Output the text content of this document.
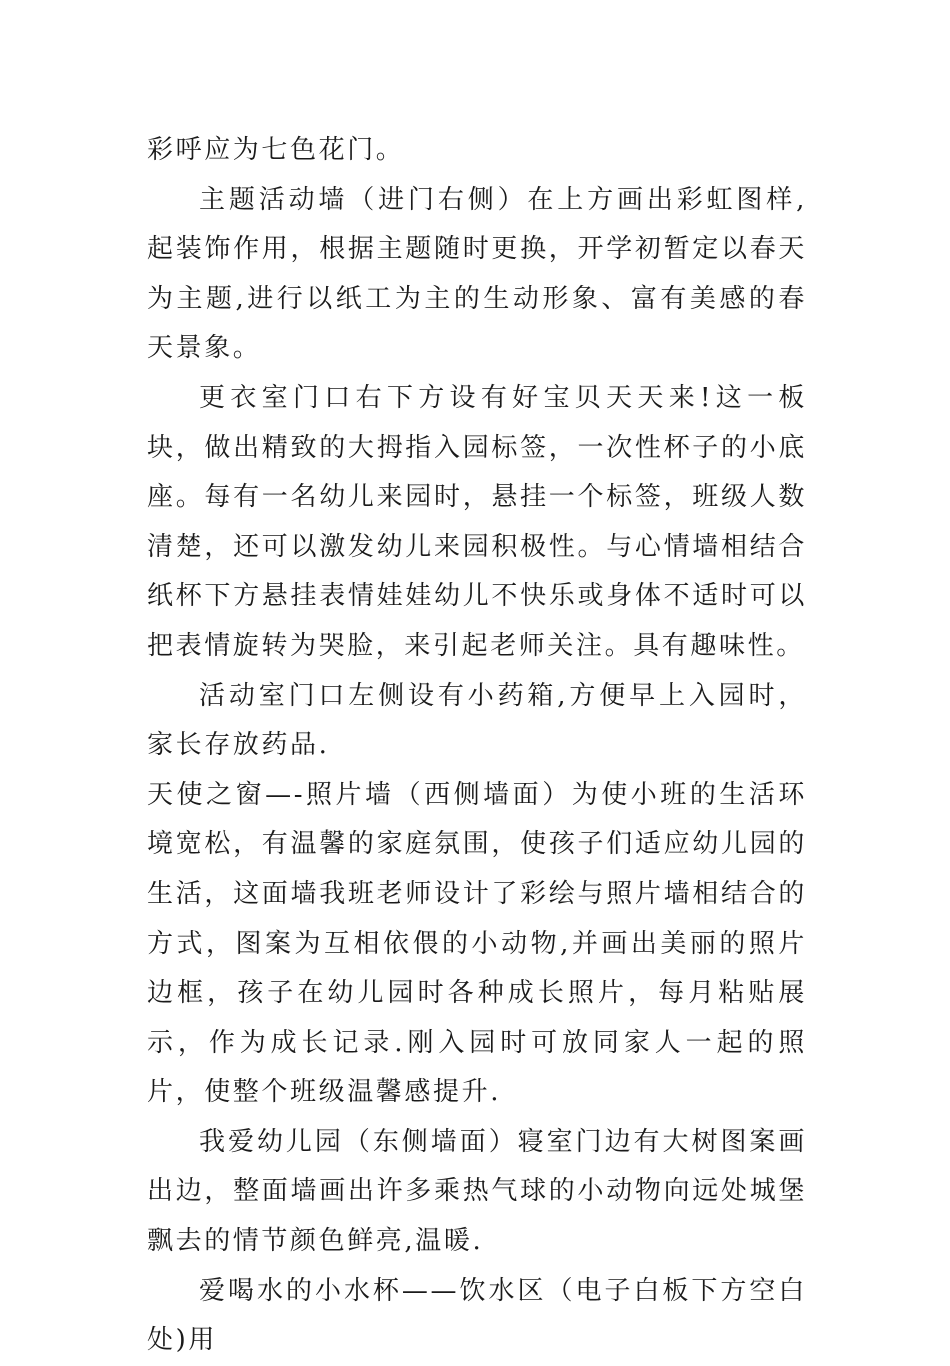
彩呼应为七色花门。

主题活动墙（进门右侧）在上方画出彩虹图样,起装饰作用，根据主题随时更换，开学初暂定以春天为主题,进行以纸工为主的生动形象、富有美感的春天景象。

更衣室门口右下方设有好宝贝天天来!这一板块，做出精致的大拇指入园标签，一次性杯子的小底座。每有一名幼儿来园时，悬挂一个标签，班级人数清楚，还可以激发幼儿来园积极性。与心情墙相结合纸杯下方悬挂表情娃娃幼儿不快乐或身体不适时可以把表情旋转为哭脸，来引起老师关注。具有趣味性。

活动室门口左侧设有小药箱,方便早上入园时，家长存放药品.

天使之窗—-照片墙（西侧墙面）为使小班的生活环境宽松，有温馨的家庭氛围，使孩子们适应幼儿园的生活，这面墙我班老师设计了彩绘与照片墙相结合的方式，图案为互相依偎的小动物,并画出美丽的照片边框，孩子在幼儿园时各种成长照片，每月粘贴展示，作为成长记录.刚入园时可放同家人一起的照片，使整个班级温馨感提升.

我爱幼儿园（东侧墙面）寝室门边有大树图案画出边，整面墙画出许多乘热气球的小动物向远处城堡飘去的情节颜色鲜亮,温暖.

爱喝水的小水杯——饮水区（电子白板下方空白处)用
